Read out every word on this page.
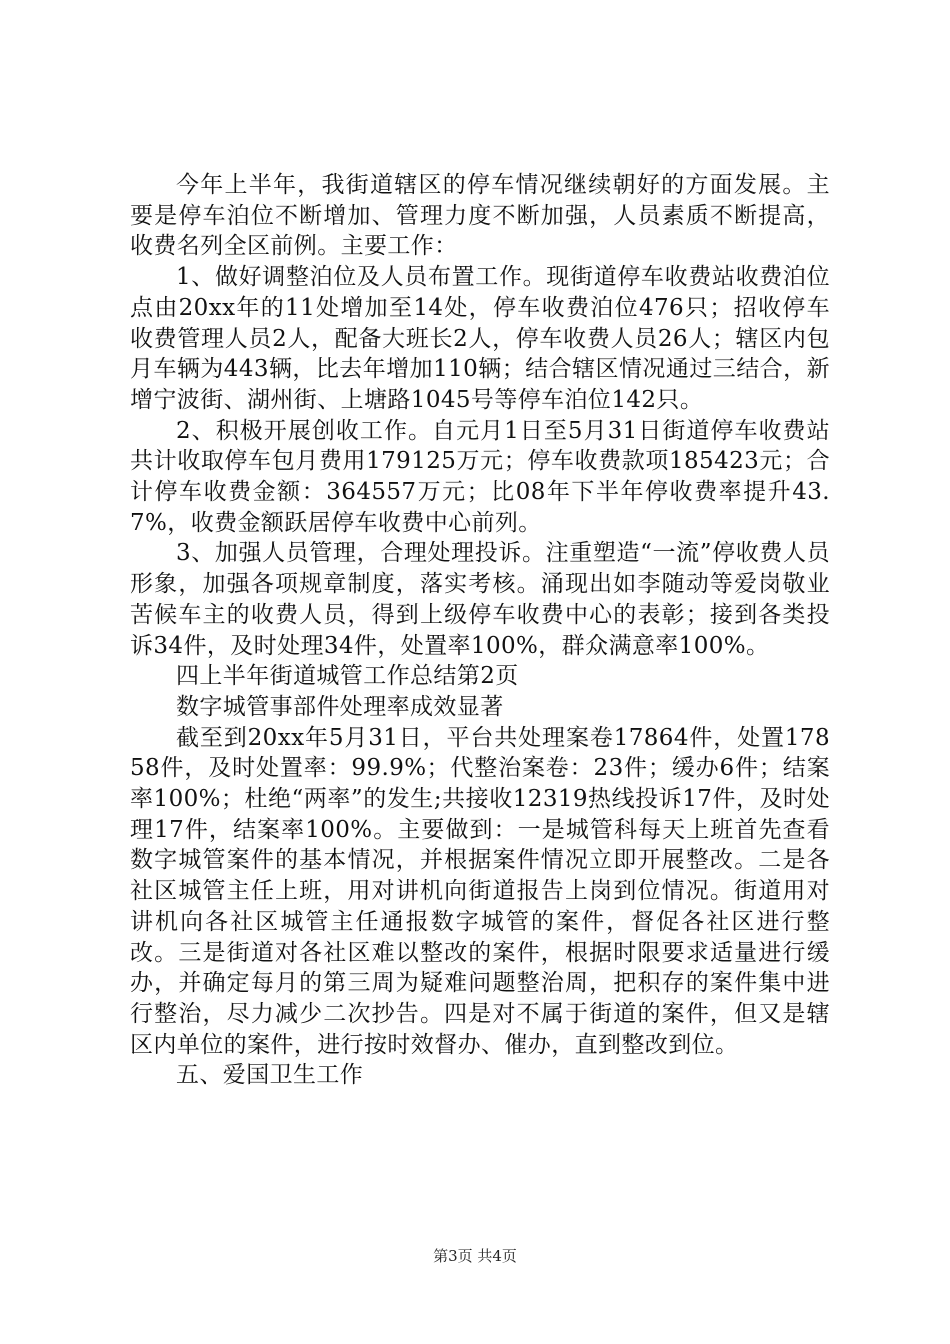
今年上半年，我街道辖区的停车情况继续朝好的方面发展。主要是停车泊位不断增加、管理力度不断加强，人员素质不断提高，收费名列全区前例。主要工作：

1、做好调整泊位及人员布置工作。现街道停车收费站收费泊位点由20xx年的11处增加至14处，停车收费泊位476只；招收停车收费管理人员2人，配备大班长2人，停车收费人员26人；辖区内包月车辆为443辆，比去年增加110辆；结合辖区情况通过三结合，新增宁波街、湖州街、上塘路1045号等停车泊位142只。

2、积极开展创收工作。自元月1日至5月31日街道停车收费站共计收取停车包月费用179125万元；停车收费款项185423元；合计停车收费金额：364557万元；比08年下半年停收费率提升43.7%，收费金额跃居停车收费中心前列。

3、加强人员管理，合理处理投诉。注重塑造“一流”停收费人员形象，加强各项规章制度，落实考核。涌现出如李随动等爱岗敬业苦候车主的收费人员，得到上级停车收费中心的表彰；接到各类投诉34件，及时处理34件，处置率100%，群众满意率100%。

四上半年街道城管工作总结第2页

数字城管事部件处理率成效显著

截至到20xx年5月31日，平台共处理案卷17864件，处置17858件，及时处置率：99.9%；代整治案卷：23件；缓办6件；结案率100%；杜绝“两率”的发生;共接收12319热线投诉17件，及时处理17件，结案率100%。主要做到：一是城管科每天上班首先查看数字城管案件的基本情况，并根据案件情况立即开展整改。二是各社区城管主任上班，用对讲机向街道报告上岗到位情况。街道用对讲机向各社区城管主任通报数字城管的案件，督促各社区进行整改。三是街道对各社区难以整改的案件，根据时限要求适量进行缓办，并确定每月的第三周为疑难问题整治周，把积存的案件集中进行整治，尽力减少二次抄告。四是对不属于街道的案件，但又是辖区内单位的案件，进行按时效督办、催办，直到整改到位。

五、爱国卫生工作

第3页 共4页
